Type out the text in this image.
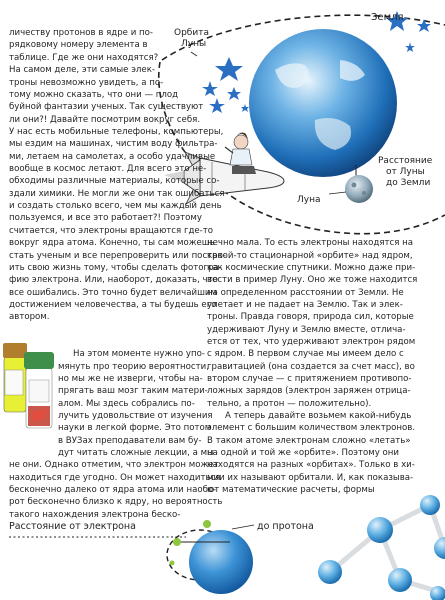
Земля
Орбита
Луны
Луна
Расстояние
от Луны
до Земли
Расстояние от электрона	до протона
личеству протонов в ядре и по-
рядковому номеру элемента в
таблице. Где же они находятся?
На самом деле, эти самые элек-
троны невозможно увидеть, а по-
тому можно сказать, что они — плод
буйной фантазии ученых. Так существуют
ли они?! Давайте посмотрим вокруг себя.
У нас есть мобильные телефоны, компьютеры,
мы ездим на машинах, чистим воду фильтра-
ми, летаем на самолетах, а особо удачливые
вообще в космос летают. Для всего это не-
обходимы различные материалы, которые со-
здали химики. Не могли же они так ошибаться
и создать столько всего, чем мы каждый день
пользуемся, и все это работает?! Поэтому
считается, что электроны вращаются где-то
вокруг ядра атома. Конечно, ты сам можешь
стать ученым и все перепроверить или постро-
ить свою жизнь тому, чтобы сделать фотогра-
фию электрона. Или, наоборот, доказать, что
все ошибались. Это точно будет величайшим
достижением человечества, а ты будешь его
автором.
На этом моменте нужно упо-
мянуть про теорию вероятности,
но мы же не изверги, чтобы на-
прягать ваш мозг таким матери-
алом. Мы здесь собрались по-
лучить удовольствие от изучения
науки в легкой форме. Это потом
в ВУЗах преподаватели вам бу-
дут читать сложные лекции, а мы
не они. Однако отметим, что электрон может
находиться где угодно. Он может находиться
бесконечно далеко от ядра атома или наобо-
рот бесконечно близко к ядру, но вероятность
такого нахождения электрона беско-
нечно мала. То есть электроны находятся на
какой-то стационарной «орбите» над ядром,
как космические спутники. Можно даже при-
вести в пример Луну. Оно же тоже находится
на определенном расстоянии от Земли. Не
улетает и не падает на Землю. Так и элек-
троны. Правда говоря, природа сил, которые
удерживают Луну и Землю вместе, отлича-
ется от тех, что удерживают электрон рядом
с ядром. В первом случае мы имеем дело с
гравитацией (она создается за счет масс), во
втором случае — с притяжением противопо-
ложных зарядов (электрон заряжен отрица-
тельно, а протон — положительно).
А теперь давайте возьмем какой-нибудь
элемент с большим количеством электронов.
В таком атоме электронам сложно «летать»
на одной и той же «орбите». Поэтому они
находятся на разных «орбитах». Только в хи-
мии их называют орбитали. И, как показыва-
ют математические расчеты, формы
